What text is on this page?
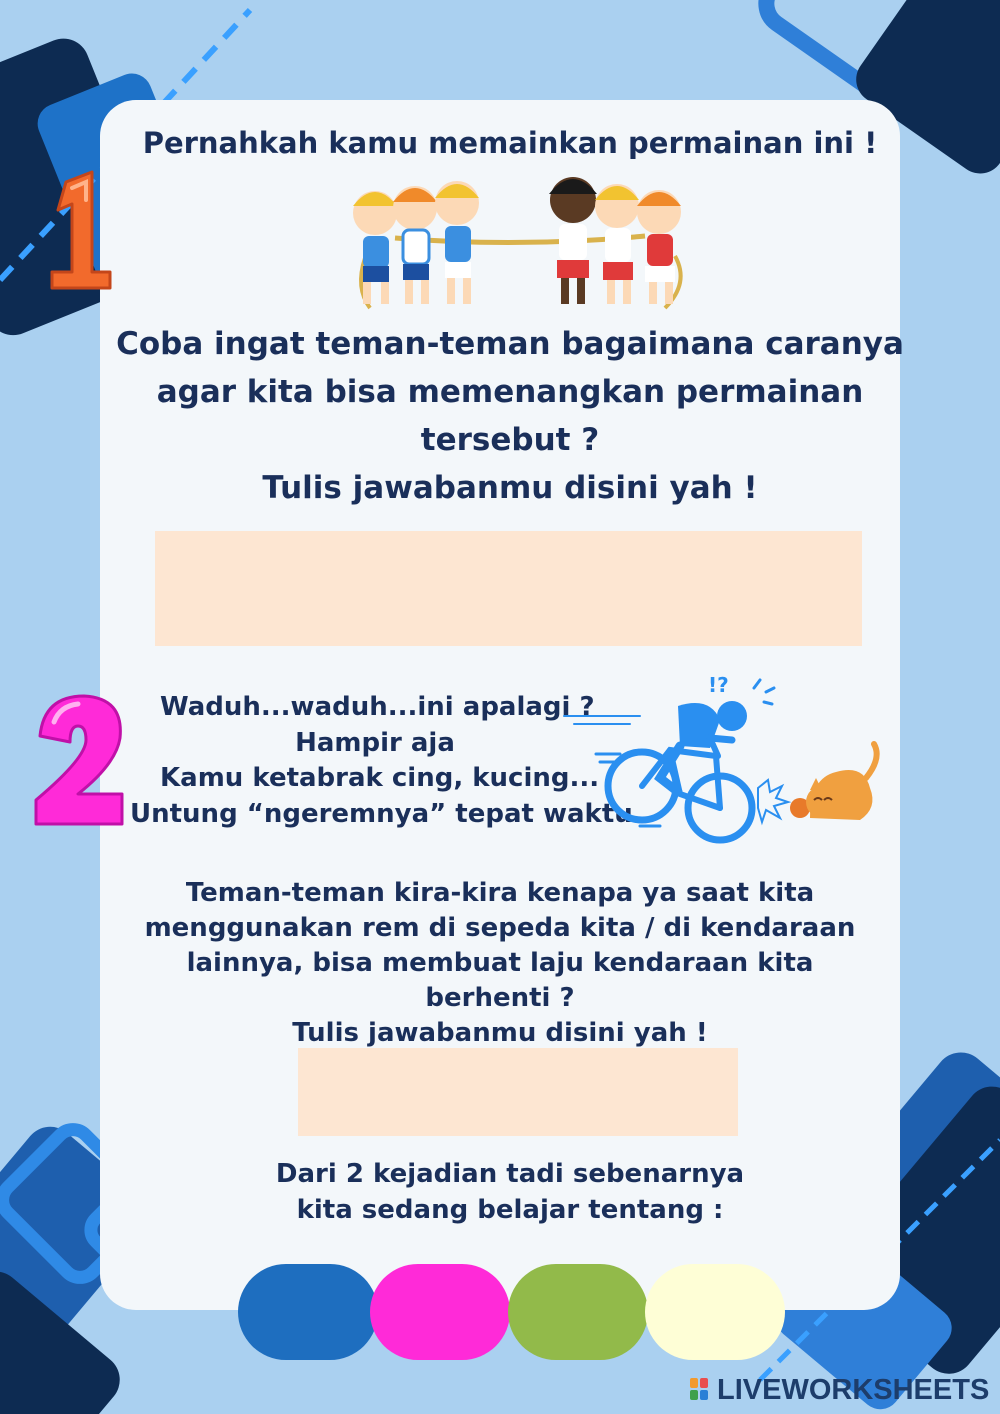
Pernahkah kamu memainkan permainan ini !
Coba ingat teman-teman bagaimana caranya
agar kita bisa memenangkan permainan
tersebut ?
Tulis jawabanmu disini yah !
Waduh...waduh...ini apalagi ?
Hampir aja
Kamu ketabrak cing, kucing...
Untung “ngeremnya” tepat waktu
!?
Teman-teman kira-kira kenapa ya saat kita
menggunakan rem di sepeda kita / di kendaraan
lainnya, bisa membuat laju kendaraan kita
berhenti ?
Tulis jawabanmu disini yah !
Dari 2 kejadian tadi sebenarnya
kita sedang belajar tentang :
LIVEWORKSHEETS
